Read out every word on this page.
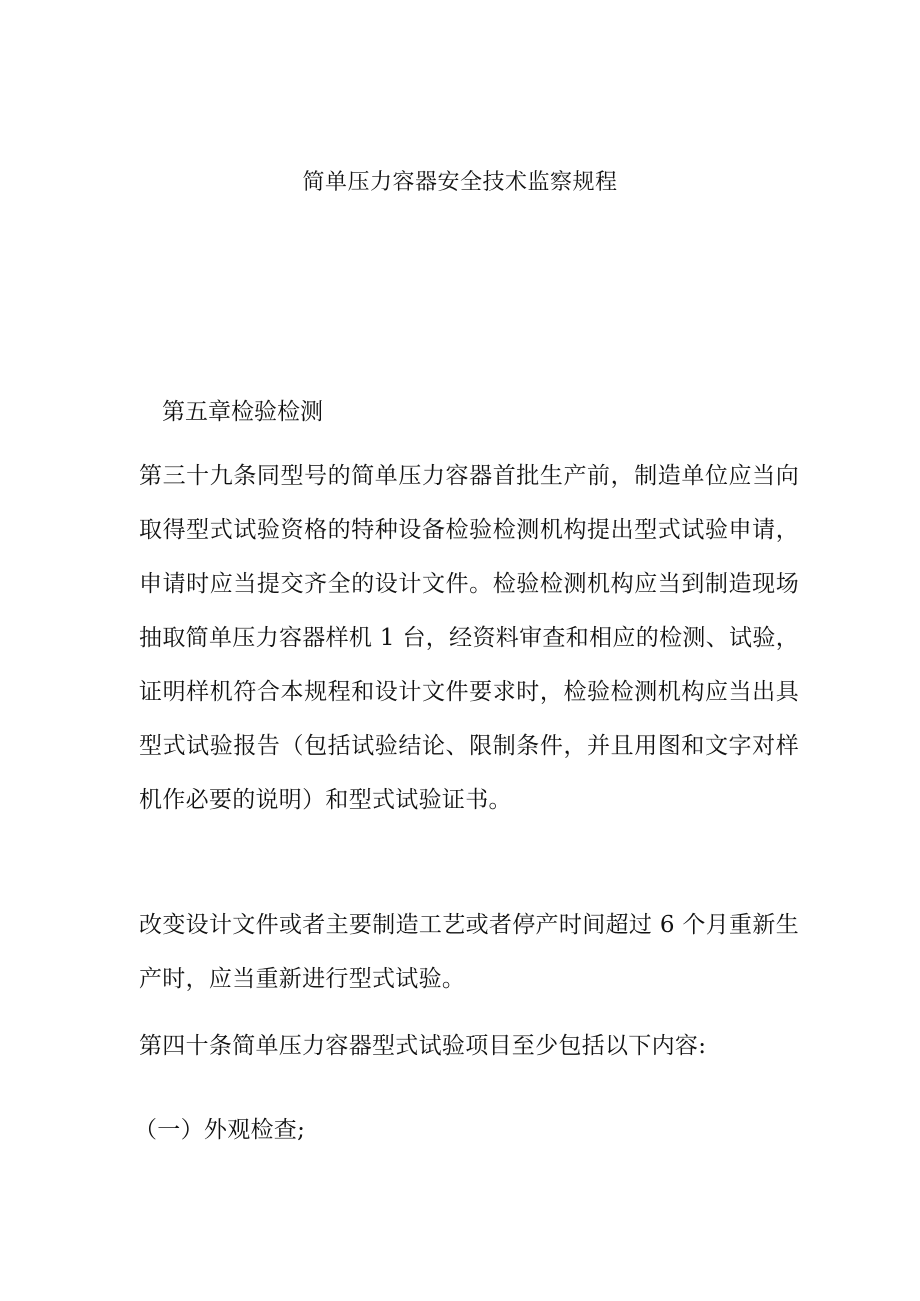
简单压力容器安全技术监察规程
第五章检验检测

第三十九条同型号的简单压力容器首批生产前，制造单位应当向取得型式试验资格的特种设备检验检测机构提出型式试验申请，申请时应当提交齐全的设计文件。检验检测机构应当到制造现场抽取简单压力容器样机 1 台，经资料审查和相应的检测、试验，证明样机符合本规程和设计文件要求时，检验检测机构应当出具型式试验报告（包括试验结论、限制条件，并且用图和文字对样机作必要的说明）和型式试验证书。

改变设计文件或者主要制造工艺或者停产时间超过 6 个月重新生产时，应当重新进行型式试验。

第四十条简单压力容器型式试验项目至少包括以下内容:

（一）外观检查;
